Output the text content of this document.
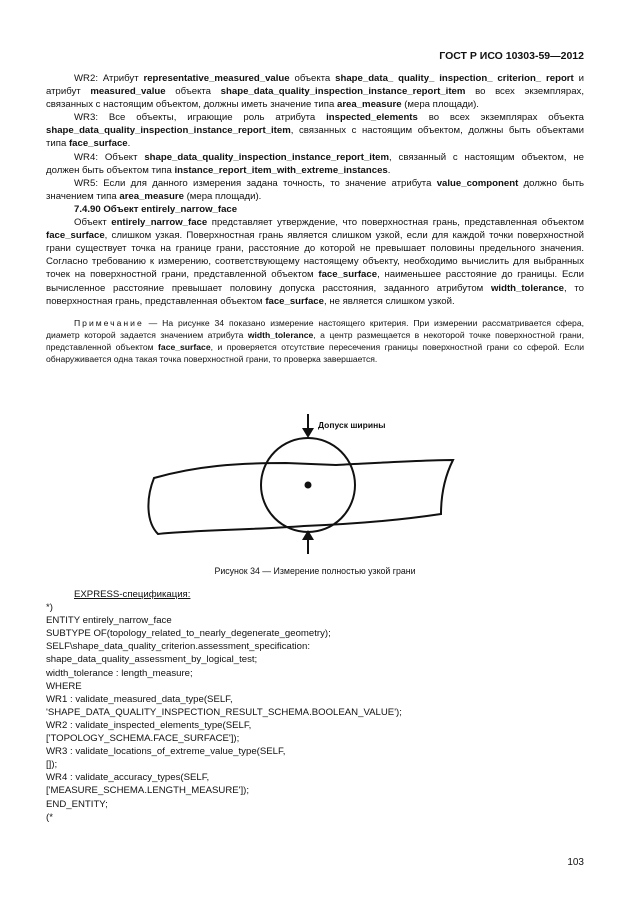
ГОСТ Р ИСО 10303-59—2012

WR2: Атрибут representative_measured_value объекта shape_data_ quality_ inspection_ criterion_ report и атрибут measured_value объекта shape_data_quality_inspection_instance_report_item во всех экземплярах, связанных с настоящим объектом, должны иметь значение типа area_measure (мера площади).

WR3: Все объекты, играющие роль атрибута inspected_elements во всех экземплярах объекта shape_data_quality_inspection_instance_report_item, связанных с настоящим объектом, должны быть объектами типа face_surface.

WR4: Объект shape_data_quality_inspection_instance_report_item, связанный с настоящим объектом, не должен быть объектом типа instance_report_item_with_extreme_instances.

WR5: Если для данного измерения задана точность, то значение атрибута value_component должно быть значением типа area_measure (мера площади).

7.4.90 Объект entirely_narrow_face

Объект entirely_narrow_face представляет утверждение, что поверхностная грань, представленная объектом face_surface, слишком узкая. Поверхностная грань является слишком узкой, если для каждой точки поверхностной грани существует точка на границе грани, расстояние до которой не превышает половины предельного значения. Согласно требованию к измерению, соответствующему настоящему объекту, необходимо вычислить для выбранных точек на поверхностной грани, представленной объектом face_surface, наименьшее расстояние до границы. Если вычисленное расстояние превышает половину допуска расстояния, заданного атрибутом width_tolerance, то поверхностная грань, представленная объектом face_surface, не является слишком узкой.

Примечание — На рисунке 34 показано измерение настоящего критерия. При измерении рассматривается сфера, диаметр которой задается значением атрибута width_tolerance, а центр размещается в некоторой точке поверхностной грани, представленной объектом face_surface, и проверяется отсутствие пересечения границы поверхностной грани со сферой. Если обнаруживается одна такая точка поверхностной грани, то проверка завершается.

Допуск ширины
Рисунок 34 — Измерение полностью узкой грани
EXPRESS-спецификация:
*)
ENTITY entirely_narrow_face
SUBTYPE OF(topology_related_to_nearly_degenerate_geometry);
SELF\shape_data_quality_criterion.assessment_specification:
shape_data_quality_assessment_by_logical_test;
width_tolerance : length_measure;
WHERE
WR1 : validate_measured_data_type(SELF,
'SHAPE_DATA_QUALITY_INSPECTION_RESULT_SCHEMA.BOOLEAN_VALUE');
WR2 : validate_inspected_elements_type(SELF,
['TOPOLOGY_SCHEMA.FACE_SURFACE']);
WR3 : validate_locations_of_extreme_value_type(SELF,
[]);
WR4 : validate_accuracy_types(SELF,
['MEASURE_SCHEMA.LENGTH_MEASURE']);
END_ENTITY;
(*
103
